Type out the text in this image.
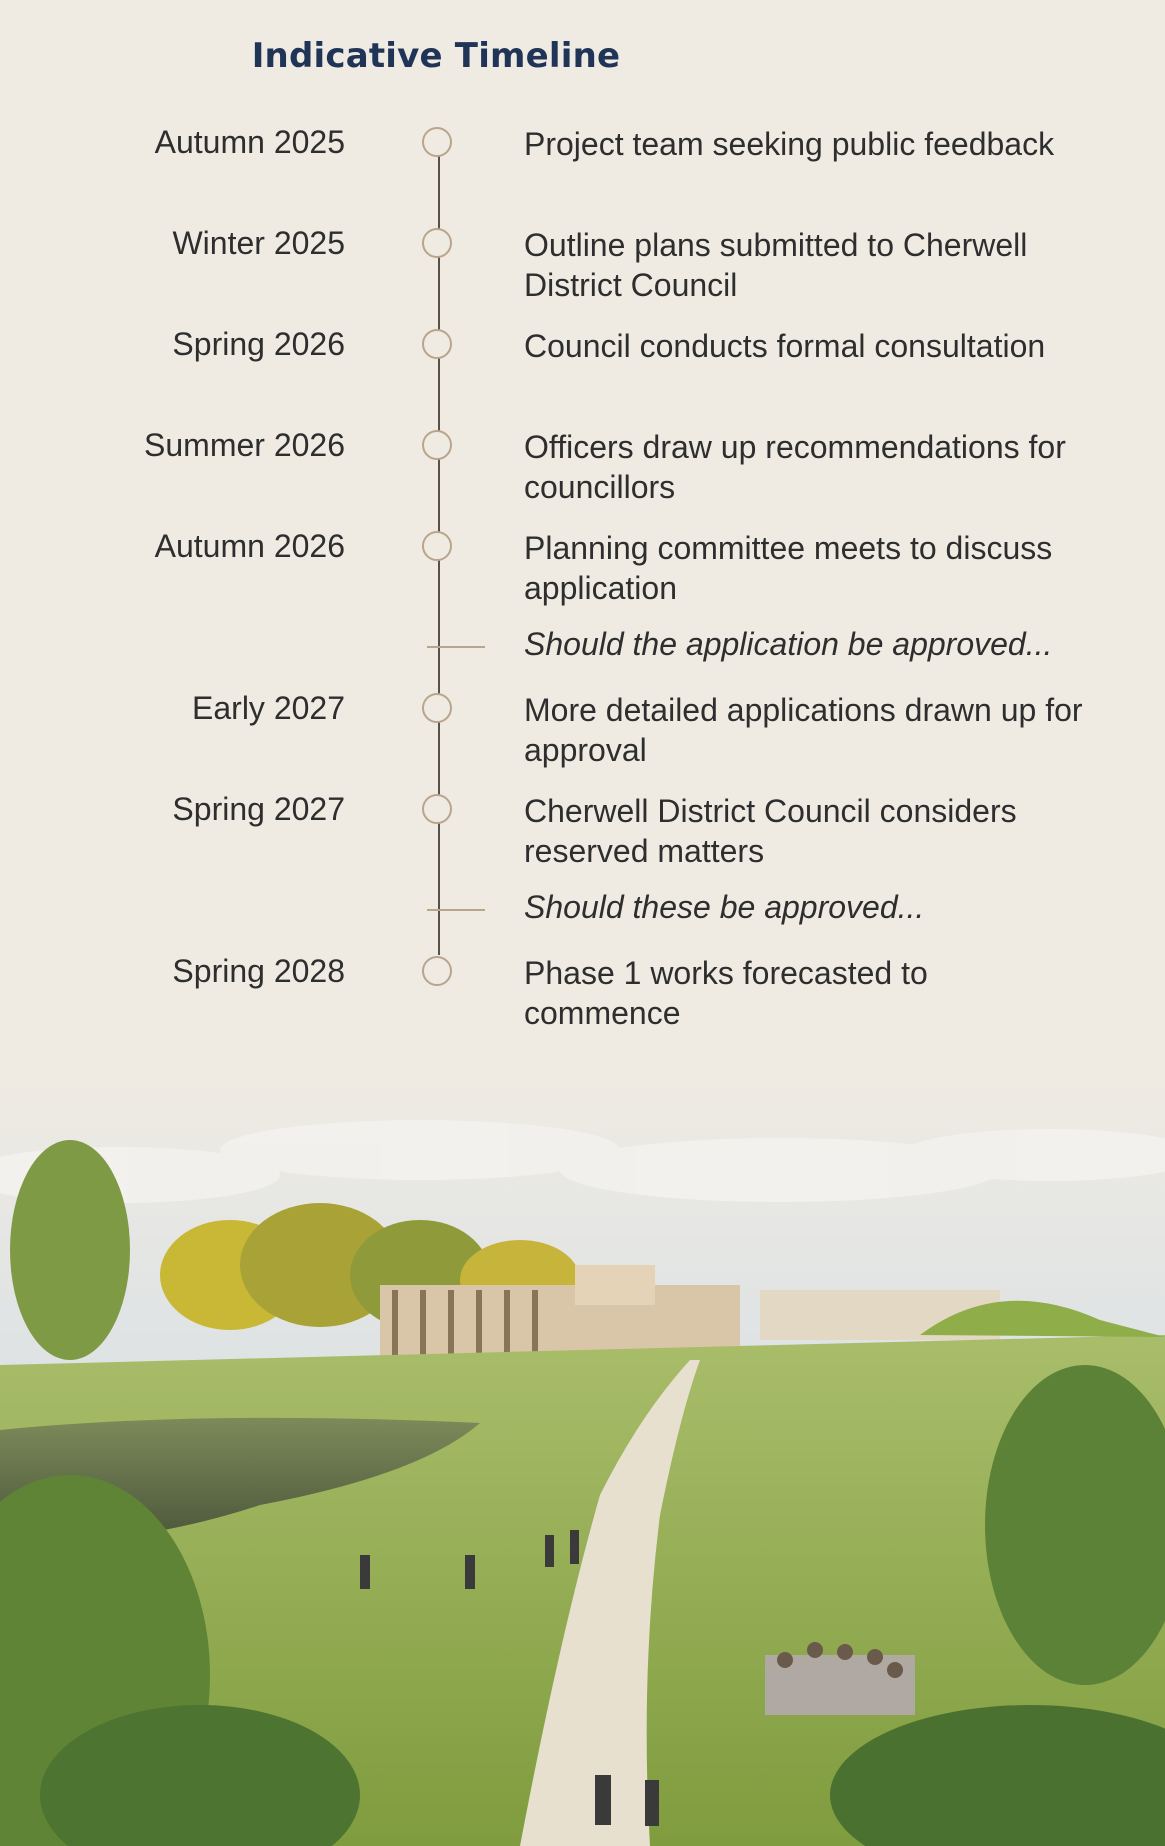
Indicative Timeline
Autumn 2025	Project team seeking public feedback
Winter 2025	Outline plans submitted to Cherwell District Council
Spring 2026	Council conducts formal consultation
Summer 2026	Officers draw up recommendations for councillors
Autumn 2026	Planning committee meets to discuss application
Should the application be approved...
Early 2027	More detailed applications drawn up for approval
Spring 2027	Cherwell District Council considers reserved matters
Should these be approved...
Spring 2028	Phase 1 works forecasted to commence
